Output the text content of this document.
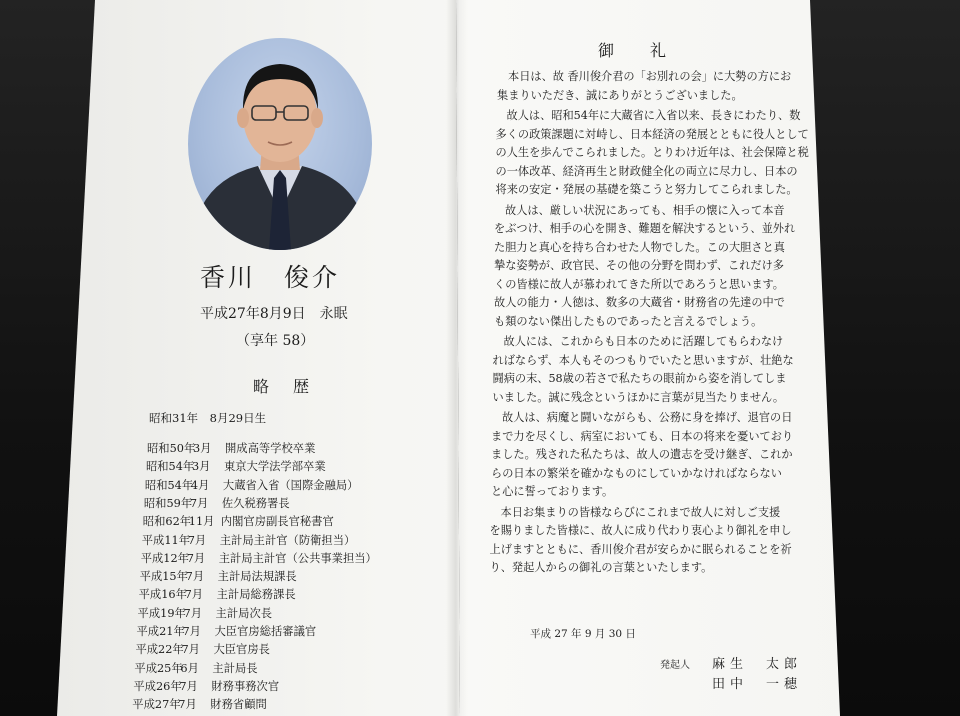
香川　俊介
平成27年8月9日　永眠
（享年 58）
略　歴
昭和31年　8月29日生
昭和50年3月 開成高等学校卒業
昭和54年3月 東京大学法学部卒業
昭和54年4月 大蔵省入省（国際金融局）
昭和59年7月 佐久税務署長
昭和62年11月 内閣官房副長官秘書官
平成11年7月 主計局主計官（防衛担当）
平成12年7月 主計局主計官（公共事業担当）
平成15年7月 主計局法規課長
平成16年7月 主計局総務課長
平成19年7月 主計局次長
平成21年7月 大臣官房総括審議官
平成22年7月 大臣官房長
平成25年6月 主計局長
平成26年7月 財務事務次官
平成27年7月 財務省顧問
御　礼
本日は、故 香川俊介君の「お別れの会」に大勢の方にお
集まりいただき、誠にありがとうございました。
故人は、昭和54年に大蔵省に入省以来、長きにわたり、数
多くの政策課題に対峙し、日本経済の発展とともに役人として
の人生を歩んでこられました。とりわけ近年は、社会保障と税
の一体改革、経済再生と財政健全化の両立に尽力し、日本の
将来の安定・発展の基礎を築こうと努力してこられました。
故人は、厳しい状況にあっても、相手の懐に入って本音
をぶつけ、相手の心を開き、難題を解決するという、並外れ
た胆力と真心を持ち合わせた人物でした。この大胆さと真
摯な姿勢が、政官民、その他の分野を問わず、これだけ多
くの皆様に故人が慕われてきた所以であろうと思います。
故人の能力・人徳は、数多の大蔵省・財務省の先達の中で
も類のない傑出したものであったと言えるでしょう。
故人には、これからも日本のために活躍してもらわなけ
ればならず、本人もそのつもりでいたと思いますが、壮絶な
闘病の末、58歳の若さで私たちの眼前から姿を消してしま
いました。誠に残念というほかに言葉が見当たりません。
故人は、病魔と闘いながらも、公務に身を捧げ、退官の日
まで力を尽くし、病室においても、日本の将来を憂いており
ました。残された私たちは、故人の遺志を受け継ぎ、これか
らの日本の繁栄を確かなものにしていかなければならない
と心に誓っております。
本日お集まりの皆様ならびにこれまで故人に対しご支援
を賜りました皆様に、故人に成り代わり衷心より御礼を申し
上げますとともに、香川俊介君が安らかに眠られることを祈
り、発起人からの御礼の言葉といたします。
平成 27 年 9 月 30 日
発起人 麻生　太郎
田中　一穂
